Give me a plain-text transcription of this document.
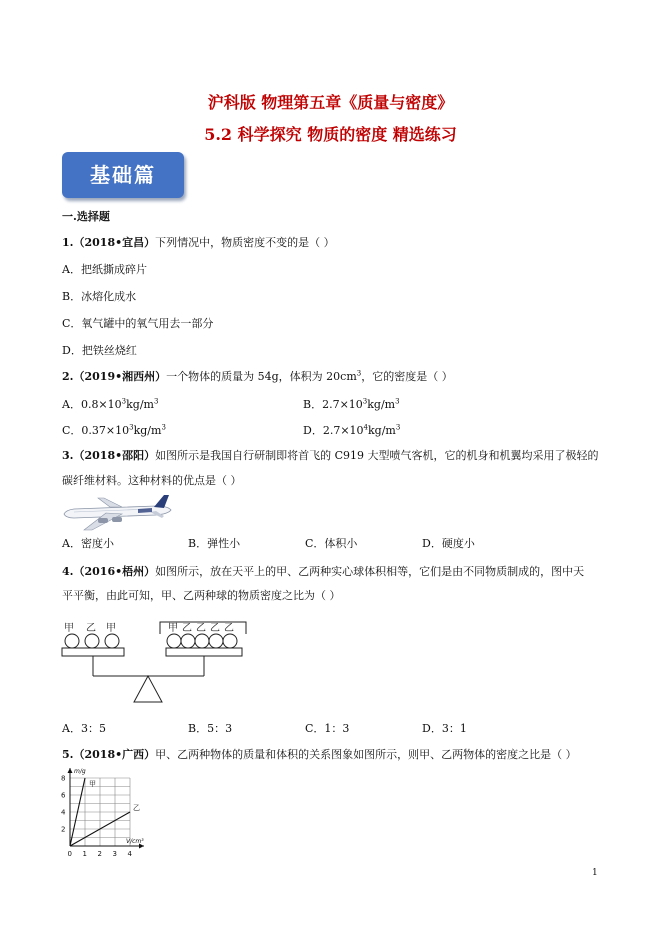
沪科版 物理第五章《质量与密度》
5.2 科学探究 物质的密度 精选练习
基础篇
一.选择题
1.（2018•宜昌）下列情况中，物质密度不变的是（ ）
A．把纸撕成碎片
B．冰熔化成水
C．氧气罐中的氧气用去一部分
D．把铁丝烧红
2.（2019•湘西州）一个物体的质量为 54g，体积为 $20cm^3$，它的密度是（ ）
A．$0.8\times 10^3kg/m^3$	B．$2.7\times 10^3kg/m^3$
C．$0.37\times 10^3kg/m^3$	D．$2.7\times 10^4kg/m^3$
3.（2018•邵阳）如图所示是我国自行研制即将首飞的 C919 大型喷气客机，它的机身和机翼均采用了极轻的
碳纤维材料。这种材料的优点是（ ）
A．密度小	B．弹性小	C．体积小	D．硬度小
4.（2016•梧州）如图所示，放在天平上的甲、乙两种实心球体积相等，它们是由不同物质制成的，图中天
平平衡，由此可知，甲、乙两种球的物质密度之比为（ ）
甲 乙 甲	甲 乙 乙 乙 乙
A．3：5	B．5：3	C．1：3	D．3：1
5.（2018•广西）甲、乙两种物体的质量和体积的关系图象如图所示，则甲、乙两物体的密度之比是（ ）
0 1 2 3 4
2
4
6
8
m/g
V/cm³
甲
乙
1
